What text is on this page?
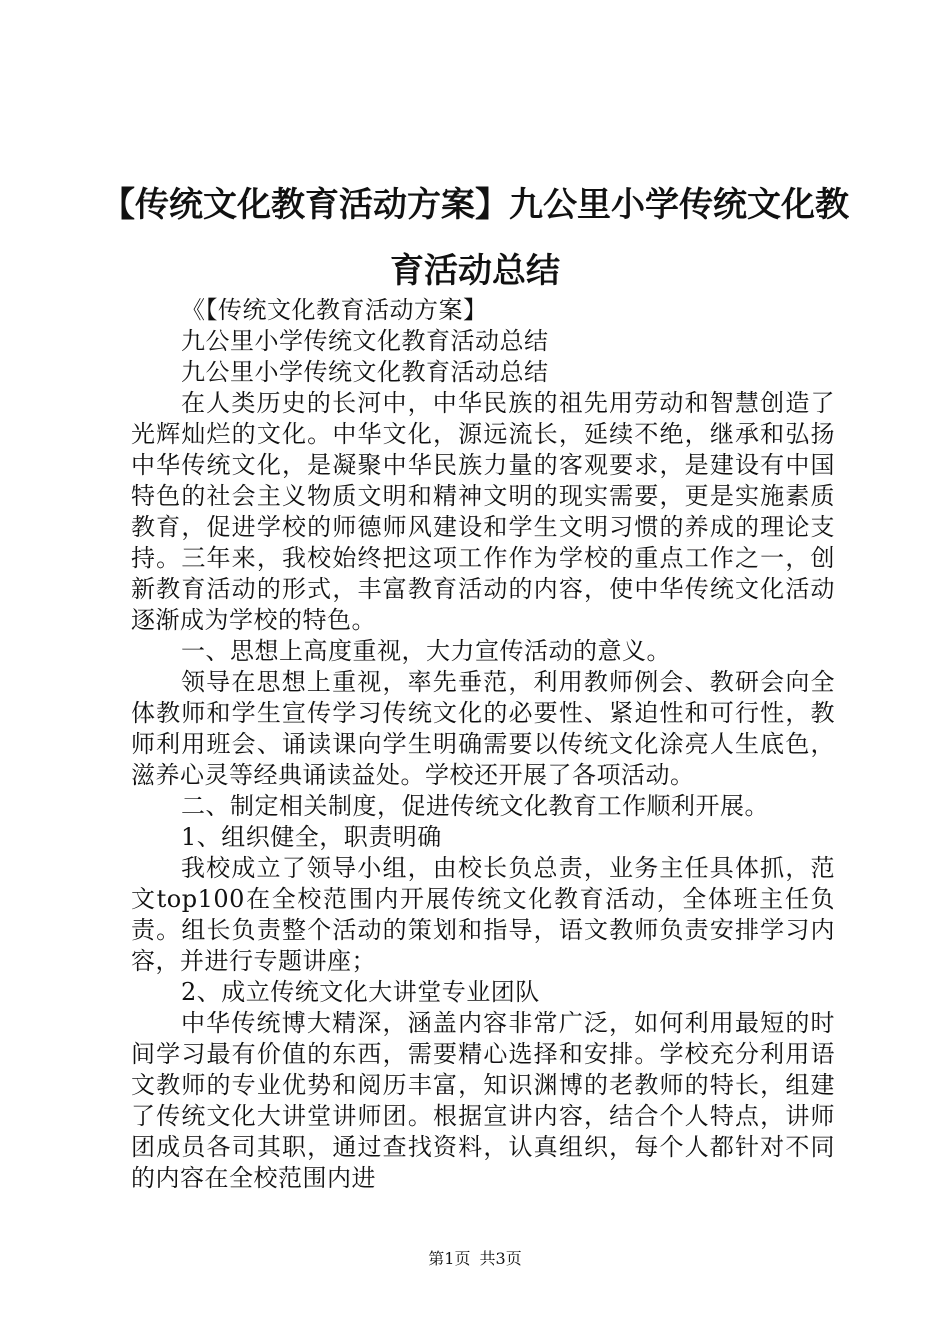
【传统文化教育活动方案】九公里小学传统文化教育活动总结

《【传统文化教育活动方案】

九公里小学传统文化教育活动总结

九公里小学传统文化教育活动总结

在人类历史的长河中，中华民族的祖先用劳动和智慧创造了光辉灿烂的文化。中华文化，源远流长，延续不绝，继承和弘扬中华传统文化，是凝聚中华民族力量的客观要求，是建设有中国特色的社会主义物质文明和精神文明的现实需要，更是实施素质教育，促进学校的师德师风建设和学生文明习惯的养成的理论支持。三年来，我校始终把这项工作作为学校的重点工作之一，创新教育活动的形式，丰富教育活动的内容，使中华传统文化活动逐渐成为学校的特色。

一、思想上高度重视，大力宣传活动的意义。

领导在思想上重视，率先垂范，利用教师例会、教研会向全体教师和学生宣传学习传统文化的必要性、紧迫性和可行性，教师利用班会、诵读课向学生明确需要以传统文化涂亮人生底色，滋养心灵等经典诵读益处。学校还开展了各项活动。

二、制定相关制度，促进传统文化教育工作顺利开展。

1、组织健全，职责明确

我校成立了领导小组，由校长负总责，业务主任具体抓，范文top100在全校范围内开展传统文化教育活动，全体班主任负责。组长负责整个活动的策划和指导，语文教师负责安排学习内容，并进行专题讲座；

2、成立传统文化大讲堂专业团队

中华传统博大精深，涵盖内容非常广泛，如何利用最短的时间学习最有价值的东西，需要精心选择和安排。学校充分利用语文教师的专业优势和阅历丰富，知识渊博的老教师的特长，组建了传统文化大讲堂讲师团。根据宣讲内容，结合个人特点，讲师团成员各司其职，通过查找资料，认真组织，每个人都针对不同的内容在全校范围内进

第1页 共3页
